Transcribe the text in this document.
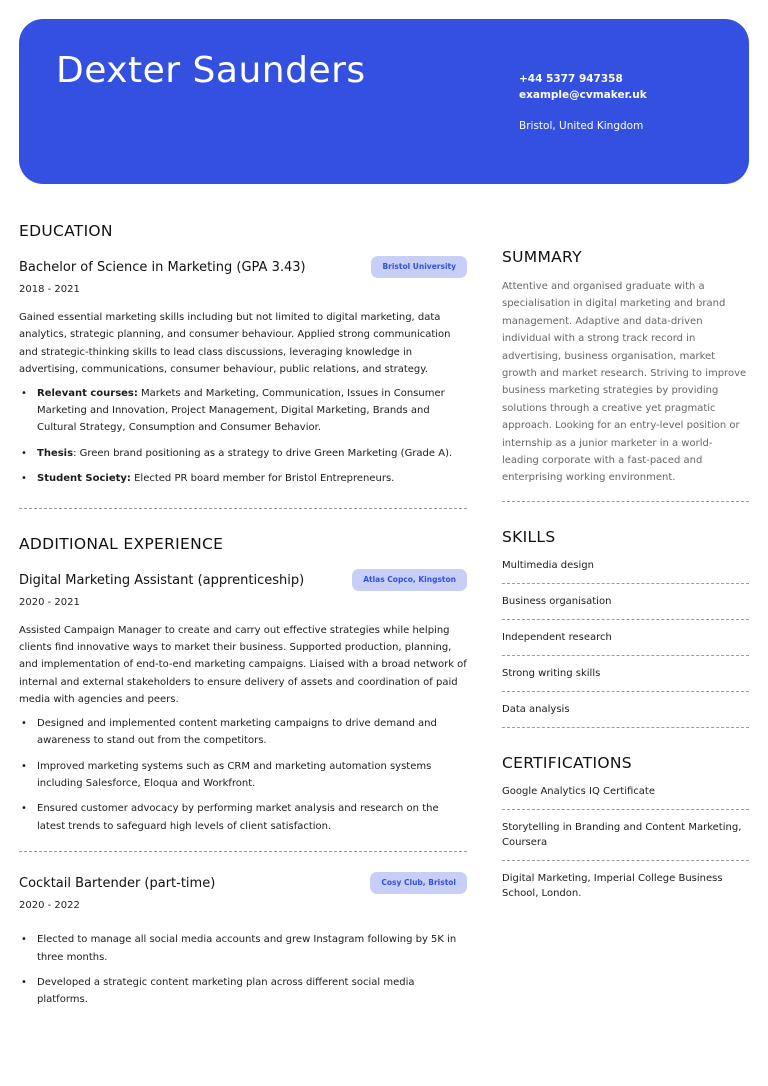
Dexter Saunders	+44 5377 947358
example@cvmaker.uk
Bristol, United Kingdom
EDUCATION
Bachelor of Science in Marketing (GPA 3.43)	Bristol University
2018 - 2021

Gained essential marketing skills including but not limited to digital marketing, data analytics, strategic planning, and consumer behaviour. Applied strong communication and strategic-thinking skills to lead class discussions, leveraging knowledge in advertising, communications, consumer behaviour, public relations, and strategy.

• Relevant courses: Markets and Marketing, Communication, Issues in Consumer Marketing and Innovation, Project Management, Digital Marketing, Brands and Cultural Strategy, Consumption and Consumer Behavior.
• Thesis: Green brand positioning as a strategy to drive Green Marketing (Grade A).
• Student Society: Elected PR board member for Bristol Entrepreneurs.
ADDITIONAL EXPERIENCE
Digital Marketing Assistant (apprenticeship)	Atlas Copco, Kingston
2020 - 2021

Assisted Campaign Manager to create and carry out effective strategies while helping clients find innovative ways to market their business. Supported production, planning, and implementation of end-to-end marketing campaigns. Liaised with a broad network of internal and external stakeholders to ensure delivery of assets and coordination of paid media with agencies and peers.

• Designed and implemented content marketing campaigns to drive demand and awareness to stand out from the competitors.
• Improved marketing systems such as CRM and marketing automation systems including Salesforce, Eloqua and Workfront.
• Ensured customer advocacy by performing market analysis and research on the latest trends to safeguard high levels of client satisfaction.
Cocktail Bartender (part-time)	Cosy Club, Bristol
2020 - 2022
• Elected to manage all social media accounts and grew Instagram following by 5K in three months.
• Developed a strategic content marketing plan across different social media platforms.
SUMMARY

Attentive and organised graduate with a specialisation in digital marketing and brand management. Adaptive and data-driven individual with a strong track record in advertising, business organisation, market growth and market research. Striving to improve business marketing strategies by providing solutions through a creative yet pragmatic approach. Looking for an entry-level position or internship as a junior marketer in a world-leading corporate with a fast-paced and enterprising working environment.

SKILLS
Multimedia design
Business organisation
Independent research
Strong writing skills
Data analysis
CERTIFICATIONS
Google Analytics IQ Certificate
Storytelling in Branding and Content Marketing, Coursera
Digital Marketing, Imperial College Business School, London.
